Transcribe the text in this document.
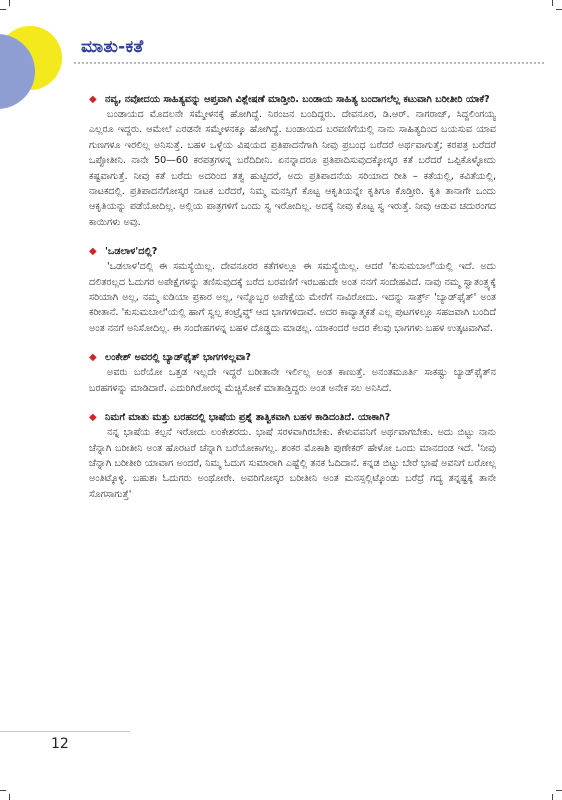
ಮಾತು-ಕತೆ

◆ ನವ್ಯ, ನವೋದಯ ಸಾಹಿತ್ಯವನ್ನು ಆಪ್ತವಾಗಿ ವಿಶ್ಲೇಷಣೆ ಮಾಡ್ತೀರಿ. ಬಂಡಾಯ ಸಾಹಿತ್ಯ ಬಂದಾಗಲೆಲ್ಲ ಕಟುವಾಗಿ ಬರೀತೀರಿ ಯಾಕೆ?

ಬಂಡಾಯದ ಮೊದಲನೇ ಸಮ್ಮೇಳನಕ್ಕೆ ಹೋಗಿದ್ದೆ. ನಿರಂಜನ ಬಂದಿದ್ದರು. ದೇವನೂರ, ಡಿ.ಆರ್. ನಾಗರಾಜ್, ಸಿದ್ದಲಿಂಗಯ್ಯ ಎಲ್ಲರೂ ಇದ್ದರು. ಆಮೇಲೆ ಎರಡನೇ ಸಮ್ಮೇಳನಕ್ಕೂ ಹೋಗಿದ್ದೆ. ಬಂಡಾಯದ ಬರವಣಿಗೆಯಲ್ಲಿ ನಾನು ಸಾಹಿತ್ಯದಿಂದ ಬಯಸುವ ಯಾವ ಗುಣಗಳೂ ಇರಲಿಲ್ಲ ಅನಿಸುತ್ತೆ. ಬಹಳ ಒಳ್ಳೆಯ ವಿಷಯದ ಪ್ರತಿಪಾದನೆಗಾಗಿ ನೀವು ಪ್ರಬಂಧ ಬರೆದರೆ ಅರ್ಥವಾಗುತ್ತೆ; ಕರಪತ್ರ ಬರೆದರೆ ಒಪ್ಪೋತೀನಿ. ನಾನೇ 50—60 ಕರಪತ್ರಗಳನ್ನ ಬರೆದಿದೀನಿ. ಏನನ್ನಾದರೂ ಪ್ರತಿಪಾದಿಸುವುದಕ್ಕೋಸ್ಕರ ಕತೆ ಬರೆದರೆ ಒಪ್ಪಿಕೊಳ್ಳೋದು ಕಷ್ಟವಾಗುತ್ತೆ. ನೀವು ಕತೆ ಬರೆದು ಅದರಿಂದ ತತ್ವ ಹುಟ್ಟಿದರೆ, ಅದು ಪ್ರತಿಪಾದನೆಯ ಸರಿಯಾದ ರೀತಿ – ಕತೆಯಲ್ಲಿ, ಕವಿತೆಯಲ್ಲಿ, ನಾಟಕದಲ್ಲಿ. ಪ್ರತಿಪಾದನೆಗೋಸ್ಕರ ನಾಟಕ ಬರೆದರೆ, ನಿಮ್ಮ ಮನಸ್ಸಿಗೆ ಕೊಟ್ಟ ಆಕೃತಿಯನ್ನೇ ಕೃತಿಗೂ ಕೊಡ್ತೀರಿ. ಕೃತಿ ತಾನಾಗೇ ಒಂದು ಆಕೃತಿಯನ್ನು ಪಡೆಯೋದಿಲ್ಲ. ಅಲ್ಲಿಯ ಪಾತ್ರಗಳಿಗೆ ಒಂದು ಸ್ವ ಇರೋದಿಲ್ಲ. ಅದಕ್ಕೆ ನೀವು ಕೊಟ್ಟ ಸ್ವ ಇರುತ್ತೆ. ನೀವು ಆಡುವ ಚದುರಂಗದ ಕಾಯಿಗಳು ಅವು.

◆ 'ಒಡಲಾಳ'ದಲ್ಲಿ?

'ಒಡಲಾಳ'ದಲ್ಲಿ ಈ ಸಮಸ್ಯೆಯಿಲ್ಲ. ದೇವನೂರರ ಕತೆಗಳಲ್ಲೂ ಈ ಸಮಸ್ಯೆಯಿಲ್ಲ. ಆದರೆ 'ಕುಸುಮಬಾಲೆ'ಯಲ್ಲಿ ಇದೆ. ಅದು ದಲಿತರಲ್ಲದ ಓದುಗರ ಅಪೇಕ್ಷೆಗಳನ್ನು ತಣಿಸುವುದಕ್ಕೆ ಬರೆದ ಬರವಣಿಗೆ ಇರಬಹುದೇ ಅಂತ ನನಗೆ ಸಂದೇಹವಿದೆ. ನಾವು ನಮ್ಮ ಸ್ವಾತಂತ್ರ್ಯಕ್ಕೆ ಸರಿಯಾಗಿ ಅಲ್ಲ, ನಮ್ಮ ಐಡಿಯಾ ಪ್ರಕಾರ ಅಲ್ಲ, ಇನ್ನೊಬ್ಬರ ಅಪೇಕ್ಷೆಯ ಮೇರೆಗೆ ನಾವಿರೋದು. ಇದನ್ನು ಸಾರ್ತ್ರ್ 'ಬ್ಯಾಡ್‌ಫೈತ್' ಅಂತ ಕರೀತಾನೆ. 'ಕುಸುಮಬಾಲೆ'ಯಲ್ಲಿ ಹಾಗೆ ಸ್ವಲ್ಪ ಕಂಟ್ರೈವ್ಡ್ ಆದ ಭಾಗಗಳಿದಾವೆ. ಅದರ ಕಾವ್ಯಾತ್ಮಕತೆ ಎಲ್ಲ ಪುಟಗಳಲ್ಲೂ ಸಹಜವಾಗಿ ಬಂದಿದೆ ಅಂತ ನನಗೆ ಅನಿಸೋದಿಲ್ಲ. ಈ ಸಂದೇಹಗಳನ್ನ ಬಹಳ ದೊಡ್ಡದು ಮಾಡಲ್ಲ. ಯಾಕಂದರೆ ಅದರ ಕೆಲವು ಭಾಗಗಳು ಬಹಳ ಉತ್ಕಟವಾಗಿವೆ.

◆ ಲಂಕೇಶ್ ಅವರಲ್ಲಿ ಬ್ಯಾಡ್‌ಫೈತ್ ಭಾಗಗಳಿಲ್ಲವಾ?

ಅವರು ಬರೆಯೋ ಒತ್ತಡ ಇಲ್ಲದೇ ಇದ್ದರೆ ಬರೀತಾನೇ ಇರ್ಲಿಲ್ಲ ಅಂತ ಕಾಣುತ್ತೆ. ಅನಂತಮೂರ್ತಿ ಸಾಕಷ್ಟು ಬ್ಯಾಡ್‌ಫೈತ್‌ನ ಬರಹಗಳನ್ನು ಮಾಡಿದಾರೆ. ಎದುರಿಗಿರೋರನ್ನ ಮೆಚ್ಚಿಸೋಕೆ ಮಾತಾಡ್ತಿದ್ದರು ಅಂತ ಅನೇಕ ಸಲ ಅನಿಸಿದೆ.

◆ ನಿಮಗೆ ಮಾತು ಮತ್ತು ಬರಹದಲ್ಲಿ ಭಾಷೆಯ ಪ್ರಶ್ನೆ ತಾತ್ವಿಕವಾಗಿ ಬಹಳ ಕಾಡಿದಂತಿದೆ. ಯಾಕಾಗಿ?

ನನ್ನ ಭಾಷೆಯ ಕಲ್ಪನೆ ಇರೋದು ಲಂಕೇಶರದು. ಭಾಷೆ ಸರಳವಾಗಿರಬೇಕು. ಕೇಳುವವನಿಗೆ ಅರ್ಥವಾಗಬೇಕು. ಅದು ಬಿಟ್ಟು ನಾನು ಚೆನ್ನಾಗಿ ಬರೀತೀನಿ ಅಂತ ಹೊರಟರೆ ಚೆನ್ನಾಗಿ ಬರೆಯೋಕಾಗಲ್ಲ. ಶಂಕರ ಮೊಕಾಶಿ ಪುಣೇಕರ್ ಹೇಳೋ ಒಂದು ಮಾನದಂಡ ಇದೆ. 'ನೀವು ಚೆನ್ನಾಗಿ ಬರೀತೀರಿ ಯಾವಾಗ ಅಂದರೆ, ನಿಮ್ಮ ಓದುಗ ಸುಮಾರಾಗಿ ಎಷ್ಟೆಲ್ಲಿ ತನಕ ಓದಿದಾನೆ. ಕನ್ನಡ ಬಿಟ್ಟು ಬೇರೆ ಭಾಷೆ ಅವನಿಗೆ ಬರೋಲ್ಲ ಅಂತಿಟ್ಕೊಳ್ಳಿ. ಬಹುಶಃ ಓದುಗರು ಅಂಥೋರೇ. ಅವರಿಗೋಸ್ಕರ ಬರೀತೀನಿ ಅಂತ ಮನಸ್ಸಲ್ಲಿಟ್ಕೊಂಡು ಬರೆದ್ರೆ ಗದ್ಯ ತನ್ನಷ್ಟಕ್ಕೆ ತಾನೇ ಸೊಗಸಾಗುತ್ತೆ'

12
